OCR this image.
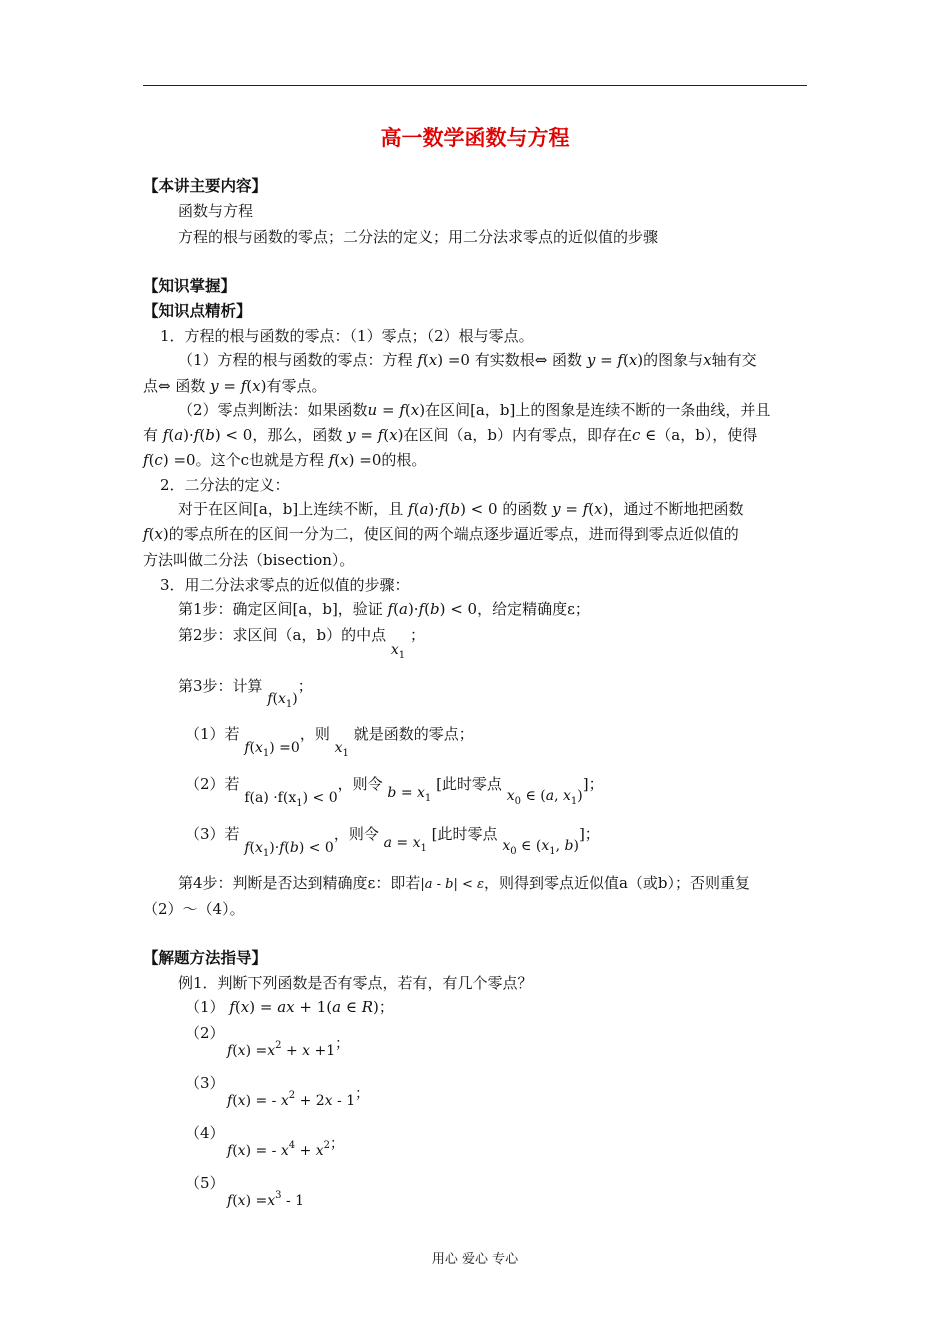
高一数学函数与方程
【本讲主要内容】
函数与方程
方程的根与函数的零点；二分法的定义；用二分法求零点的近似值的步骤
【知识掌握】
【知识点精析】
1．方程的根与函数的零点：（1）零点；（2）根与零点。
（1）方程的根与函数的零点：方程 f(x) =0 有实数根⇔ 函数 y = f(x)的图象与x轴有交
点⇔ 函数 y = f(x)有零点。
（2）零点判断法：如果函数u = f(x)在区间[a，b]上的图象是连续不断的一条曲线，并且
有 f(a)·f(b) < 0，那么，函数 y = f(x)在区间（a，b）内有零点，即存在c ∈（a，b），使得
f(c) =0。这个c也就是方程 f(x) =0的根。
2．二分法的定义：
对于在区间[a，b]上连续不断，且 f(a)·f(b) < 0 的函数 y = f(x)，通过不断地把函数
f(x)的零点所在的区间一分为二，使区间的两个端点逐步逼近零点，进而得到零点近似值的
方法叫做二分法（bisection）。
3．用二分法求零点的近似值的步骤：
第1步：确定区间[a，b]，验证 f(a)·f(b) < 0，给定精确度ε；
第2步：求区间（a，b）的中点 $x_1$ ；
第3步：计算 $f(x_1)$；
（1）若 $f(x_1) =0$，则 $x_1$ 就是函数的零点；
（2）若 $f(a) \cdot f(x_1) < 0$，则令 $b = x_1$ [此时零点 $x_0$ ∈ (a, $x_1$)]；
（3）若 $f(x_1)\cdot f(b) < 0$，则令 $a = x_1$ [此时零点 $x_0$ ∈ ($x_1$, b)]；
第4步：判断是否达到精确度ε：即若|a - b| < ε，则得到零点近似值a（或b）；否则重复
（2）～（4）。
【解题方法指导】
例1．判断下列函数是否有零点，若有，有几个零点？
（1） f(x) = ax + 1(a ∈ R)；
（2）
$f(x) =x^2 + x +1$；
（3）
f(x) = - $x^2 + 2x - 1$；
（4）
f(x) = - $x^4 + x^2$；
（5）
$f(x) =x^3 - 1$
用心 爱心 专心
